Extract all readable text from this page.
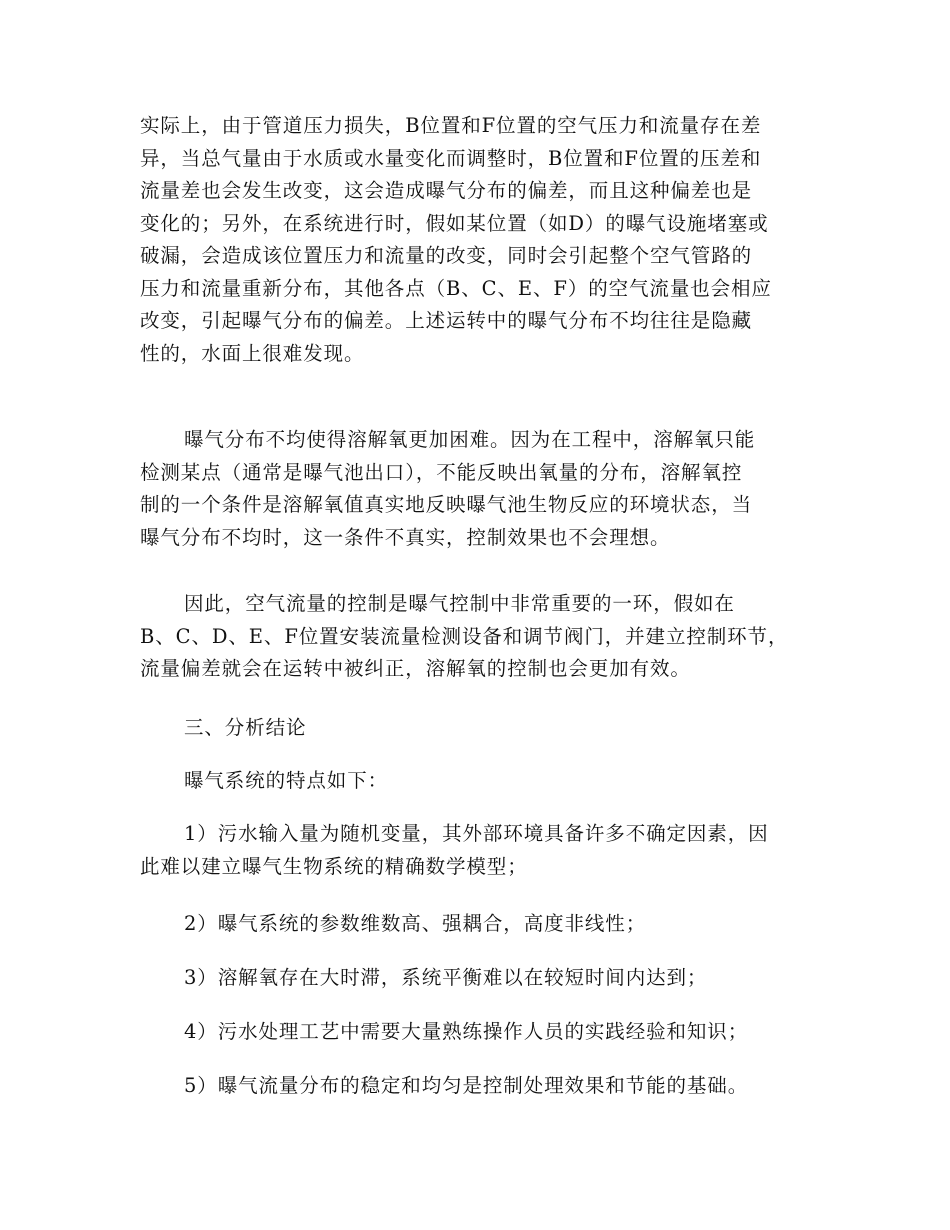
实际上，由于管道压力损失，B位置和F位置的空气压力和流量存在差
异，当总气量由于水质或水量变化而调整时，B位置和F位置的压差和
流量差也会发生改变，这会造成曝气分布的偏差，而且这种偏差也是
变化的；另外，在系统进行时，假如某位置（如D）的曝气设施堵塞或
破漏，会造成该位置压力和流量的改变，同时会引起整个空气管路的
压力和流量重新分布，其他各点（B、C、E、F）的空气流量也会相应
改变，引起曝气分布的偏差。上述运转中的曝气分布不均往往是隐藏
性的，水面上很难发现。
曝气分布不均使得溶解氧更加困难。因为在工程中，溶解氧只能
检测某点（通常是曝气池出口），不能反映出氧量的分布，溶解氧控
制的一个条件是溶解氧值真实地反映曝气池生物反应的环境状态，当
曝气分布不均时，这一条件不真实，控制效果也不会理想。
因此，空气流量的控制是曝气控制中非常重要的一环，假如在
B、C、D、E、F位置安装流量检测设备和调节阀门，并建立控制环节，
流量偏差就会在运转中被纠正，溶解氧的控制也会更加有效。
三、分析结论
曝气系统的特点如下：
1）污水输入量为随机变量，其外部环境具备许多不确定因素，因
此难以建立曝气生物系统的精确数学模型；
2）曝气系统的参数维数高、强耦合，高度非线性；
3）溶解氧存在大时滞，系统平衡难以在较短时间内达到；
4）污水处理工艺中需要大量熟练操作人员的实践经验和知识；
5）曝气流量分布的稳定和均匀是控制处理效果和节能的基础。
